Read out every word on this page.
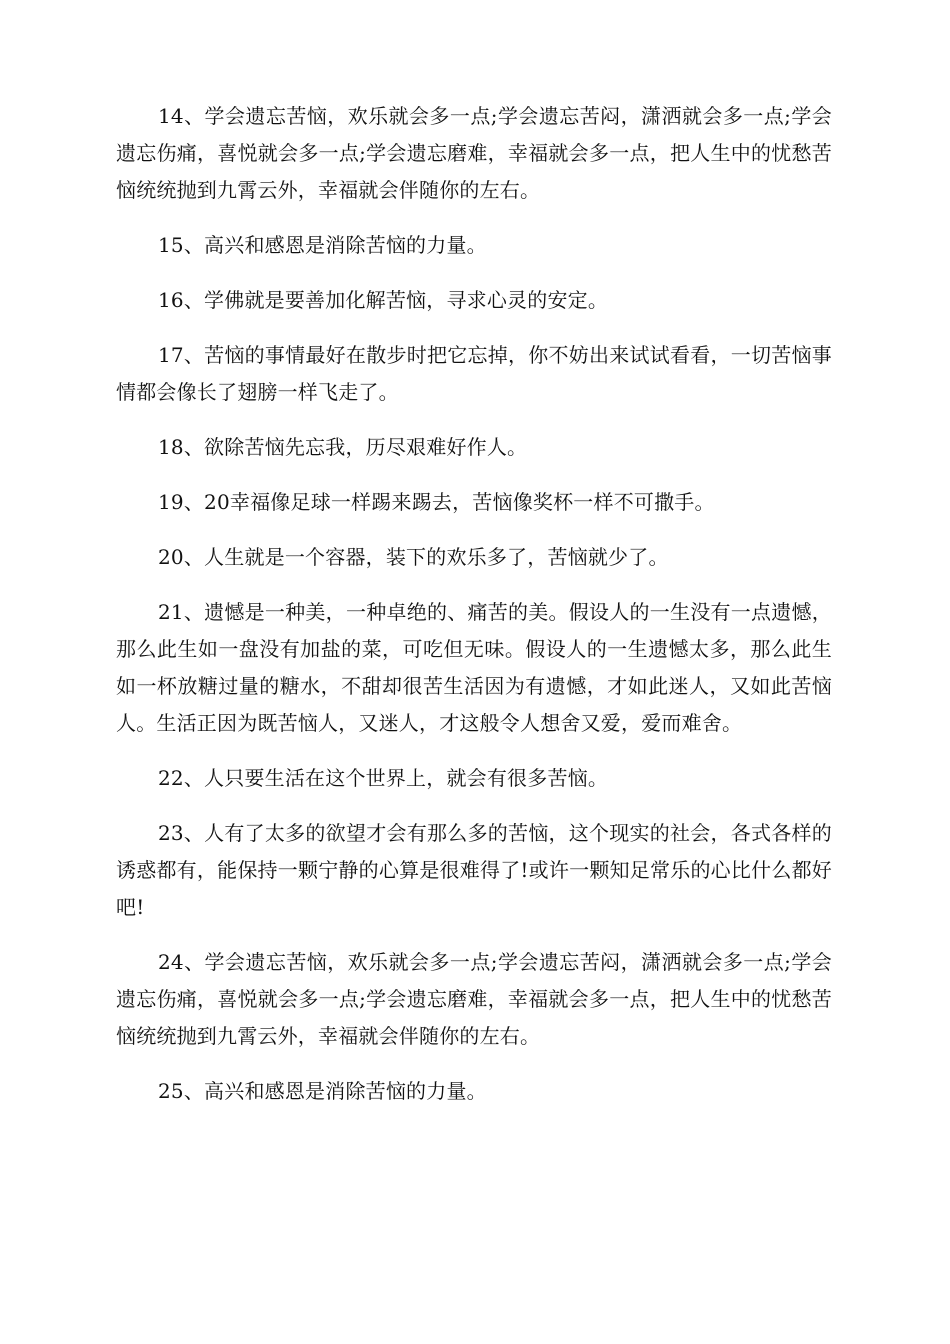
14、学会遗忘苦恼，欢乐就会多一点;学会遗忘苦闷，潇洒就会多一点;学会遗忘伤痛，喜悦就会多一点;学会遗忘磨难，幸福就会多一点，把人生中的忧愁苦恼统统抛到九霄云外，幸福就会伴随你的左右。

15、高兴和感恩是消除苦恼的力量。

16、学佛就是要善加化解苦恼，寻求心灵的安定。

17、苦恼的事情最好在散步时把它忘掉，你不妨出来试试看看，一切苦恼事情都会像长了翅膀一样飞走了。

18、欲除苦恼先忘我，历尽艰难好作人。

19、20幸福像足球一样踢来踢去，苦恼像奖杯一样不可撒手。

20、人生就是一个容器，装下的欢乐多了，苦恼就少了。

21、遗憾是一种美，一种卓绝的、痛苦的美。假设人的一生没有一点遗憾，那么此生如一盘没有加盐的菜，可吃但无味。假设人的一生遗憾太多，那么此生如一杯放糖过量的糖水，不甜却很苦生活因为有遗憾，才如此迷人，又如此苦恼人。生活正因为既苦恼人，又迷人，才这般令人想舍又爱，爱而难舍。

22、人只要生活在这个世界上，就会有很多苦恼。

23、人有了太多的欲望才会有那么多的苦恼，这个现实的社会，各式各样的诱惑都有，能保持一颗宁静的心算是很难得了!或许一颗知足常乐的心比什么都好吧!

24、学会遗忘苦恼，欢乐就会多一点;学会遗忘苦闷，潇洒就会多一点;学会遗忘伤痛，喜悦就会多一点;学会遗忘磨难，幸福就会多一点，把人生中的忧愁苦恼统统抛到九霄云外，幸福就会伴随你的左右。

25、高兴和感恩是消除苦恼的力量。
